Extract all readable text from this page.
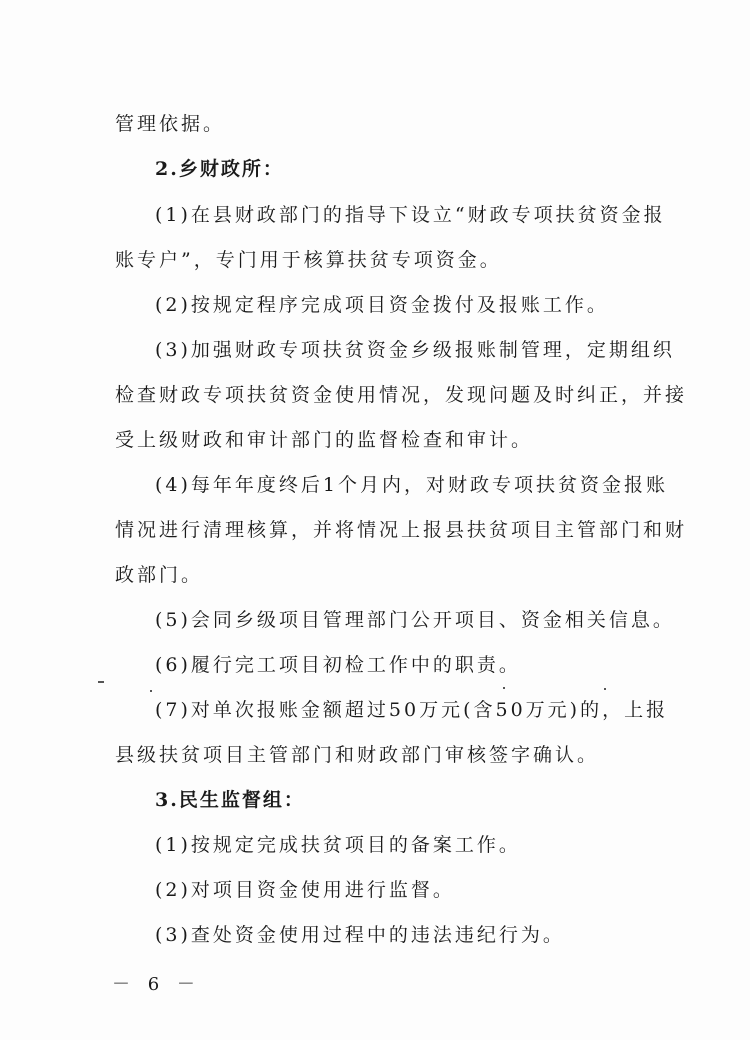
管理依据。
2.乡财政所：
(1)在县财政部门的指导下设立“财政专项扶贫资金报
账专户”，专门用于核算扶贫专项资金。
(2)按规定程序完成项目资金拨付及报账工作。
(3)加强财政专项扶贫资金乡级报账制管理，定期组织
检查财政专项扶贫资金使用情况，发现问题及时纠正，并接
受上级财政和审计部门的监督检查和审计。
(4)每年年度终后1个月内，对财政专项扶贫资金报账
情况进行清理核算，并将情况上报县扶贫项目主管部门和财
政部门。
(5)会同乡级项目管理部门公开项目、资金相关信息。
(6)履行完工项目初检工作中的职责。
(7)对单次报账金额超过50万元(含50万元)的，上报
县级扶贫项目主管部门和财政部门审核签字确认。
3.民生监督组：
(1)按规定完成扶贫项目的备案工作。
(2)对项目资金使用进行监督。
(3)查处资金使用过程中的违法违纪行为。
－ 6 －
